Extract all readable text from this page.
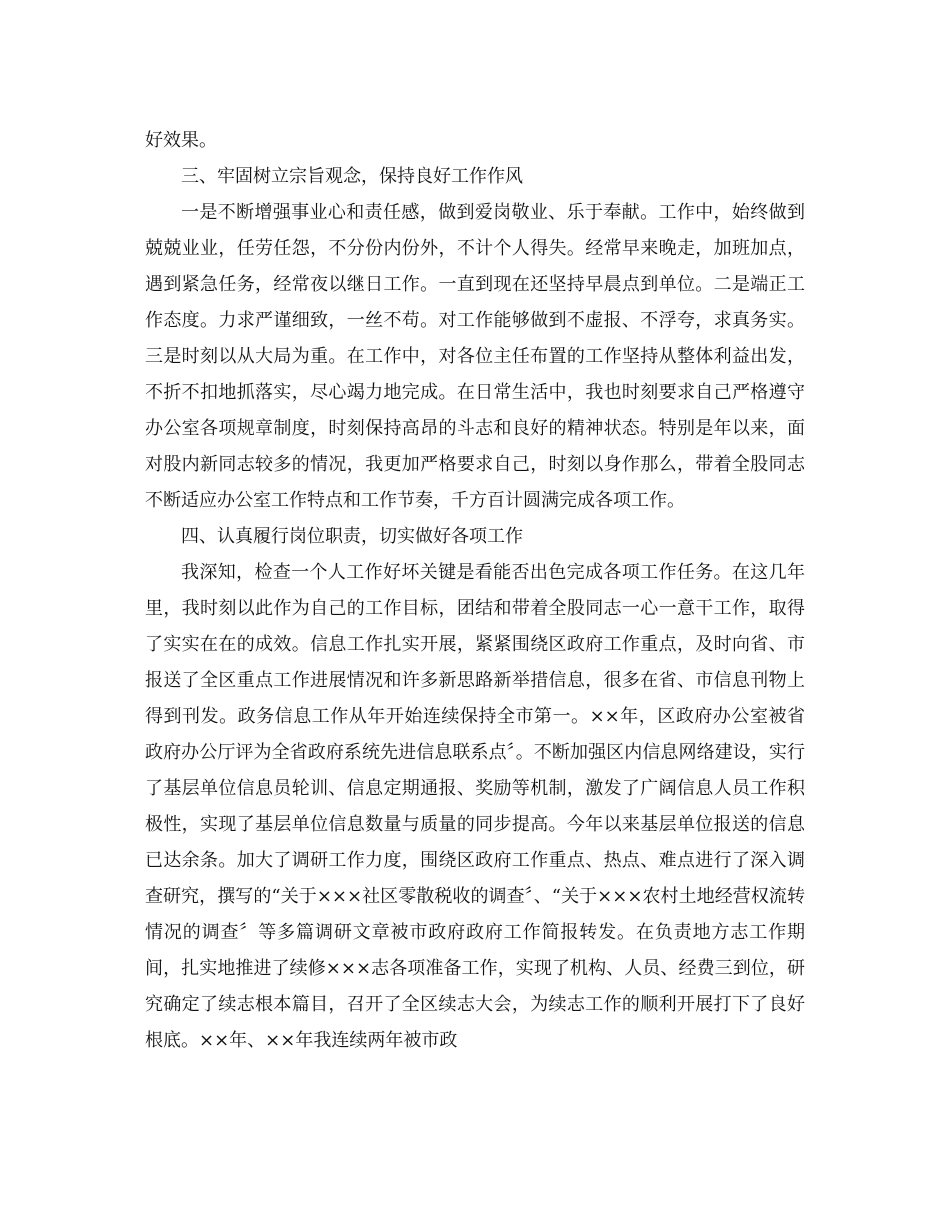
好效果。

三、牢固树立宗旨观念，保持良好工作作风

一是不断增强事业心和责任感，做到爱岗敬业、乐于奉献。工作中，始终做到兢兢业业，任劳任怨，不分份内份外，不计个人得失。经常早来晚走，加班加点，遇到紧急任务，经常夜以继日工作。一直到现在还坚持早晨点到单位。二是端正工作态度。力求严谨细致，一丝不苟。对工作能够做到不虚报、不浮夸，求真务实。三是时刻以从大局为重。在工作中，对各位主任布置的工作坚持从整体利益出发，不折不扣地抓落实，尽心竭力地完成。在日常生活中，我也时刻要求自己严格遵守办公室各项规章制度，时刻保持高昂的斗志和良好的精神状态。特别是年以来，面对股内新同志较多的情况，我更加严格要求自己，时刻以身作那么，带着全股同志不断适应办公室工作特点和工作节奏，千方百计圆满完成各项工作。

四、认真履行岗位职责，切实做好各项工作

我深知，检查一个人工作好坏关键是看能否出色完成各项工作任务。在这几年里，我时刻以此作为自己的工作目标，团结和带着全股同志一心一意干工作，取得了实实在在的成效。信息工作扎实开展，紧紧围绕区政府工作重点，及时向省、市报送了全区重点工作进展情况和许多新思路新举措信息，很多在省、市信息刊物上得到刊发。政务信息工作从年开始连续保持全市第一。××年，区政府办公室被省政府办公厅评为全省政府系统先进信息联系点〞。不断加强区内信息网络建设，实行了基层单位信息员轮训、信息定期通报、奖励等机制，激发了广阔信息人员工作积极性，实现了基层单位信息数量与质量的同步提高。今年以来基层单位报送的信息已达余条。加大了调研工作力度，围绕区政府工作重点、热点、难点进行了深入调查研究，撰写的“关于×××社区零散税收的调查〞、“关于×××农村土地经营权流转情况的调查〞等多篇调研文章被市政府政府工作简报转发。在负责地方志工作期间，扎实地推进了续修×××志各项准备工作，实现了机构、人员、经费三到位，研究确定了续志根本篇目，召开了全区续志大会，为续志工作的顺利开展打下了良好根底。××年、××年我连续两年被市政
